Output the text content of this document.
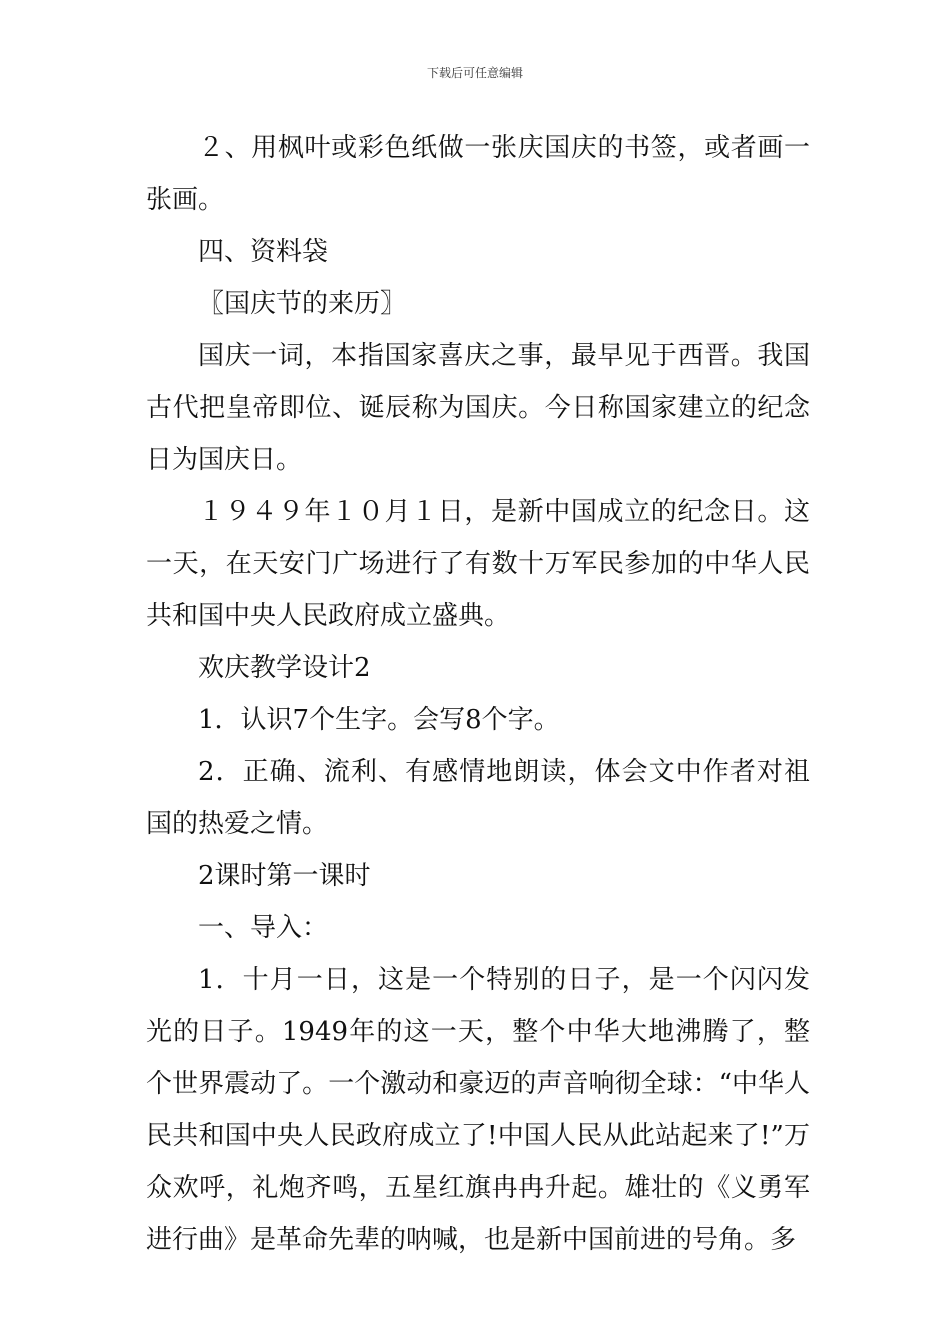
下载后可任意编辑

２、用枫叶或彩色纸做一张庆国庆的书签，或者画一张画。

四、资料袋

〖国庆节的来历〗

国庆一词，本指国家喜庆之事，最早见于西晋。我国古代把皇帝即位、诞辰称为国庆。今日称国家建立的纪念日为国庆日。

１９４９年１０月１日，是新中国成立的纪念日。这一天，在天安门广场进行了有数十万军民参加的中华人民共和国中央人民政府成立盛典。

欢庆教学设计2

1．认识7个生字。会写8个字。

2．正确、流利、有感情地朗读，体会文中作者对祖国的热爱之情。

2课时第一课时

一、导入：

1．十月一日，这是一个特别的日子，是一个闪闪发光的日子。1949年的这一天，整个中华大地沸腾了，整个世界震动了。一个激动和豪迈的声音响彻全球：“中华人民共和国中央人民政府成立了!中国人民从此站起来了!”万众欢呼，礼炮齐鸣，五星红旗冉冉升起。雄壮的《义勇军进行曲》是革命先辈的呐喊，也是新中国前进的号角。多
